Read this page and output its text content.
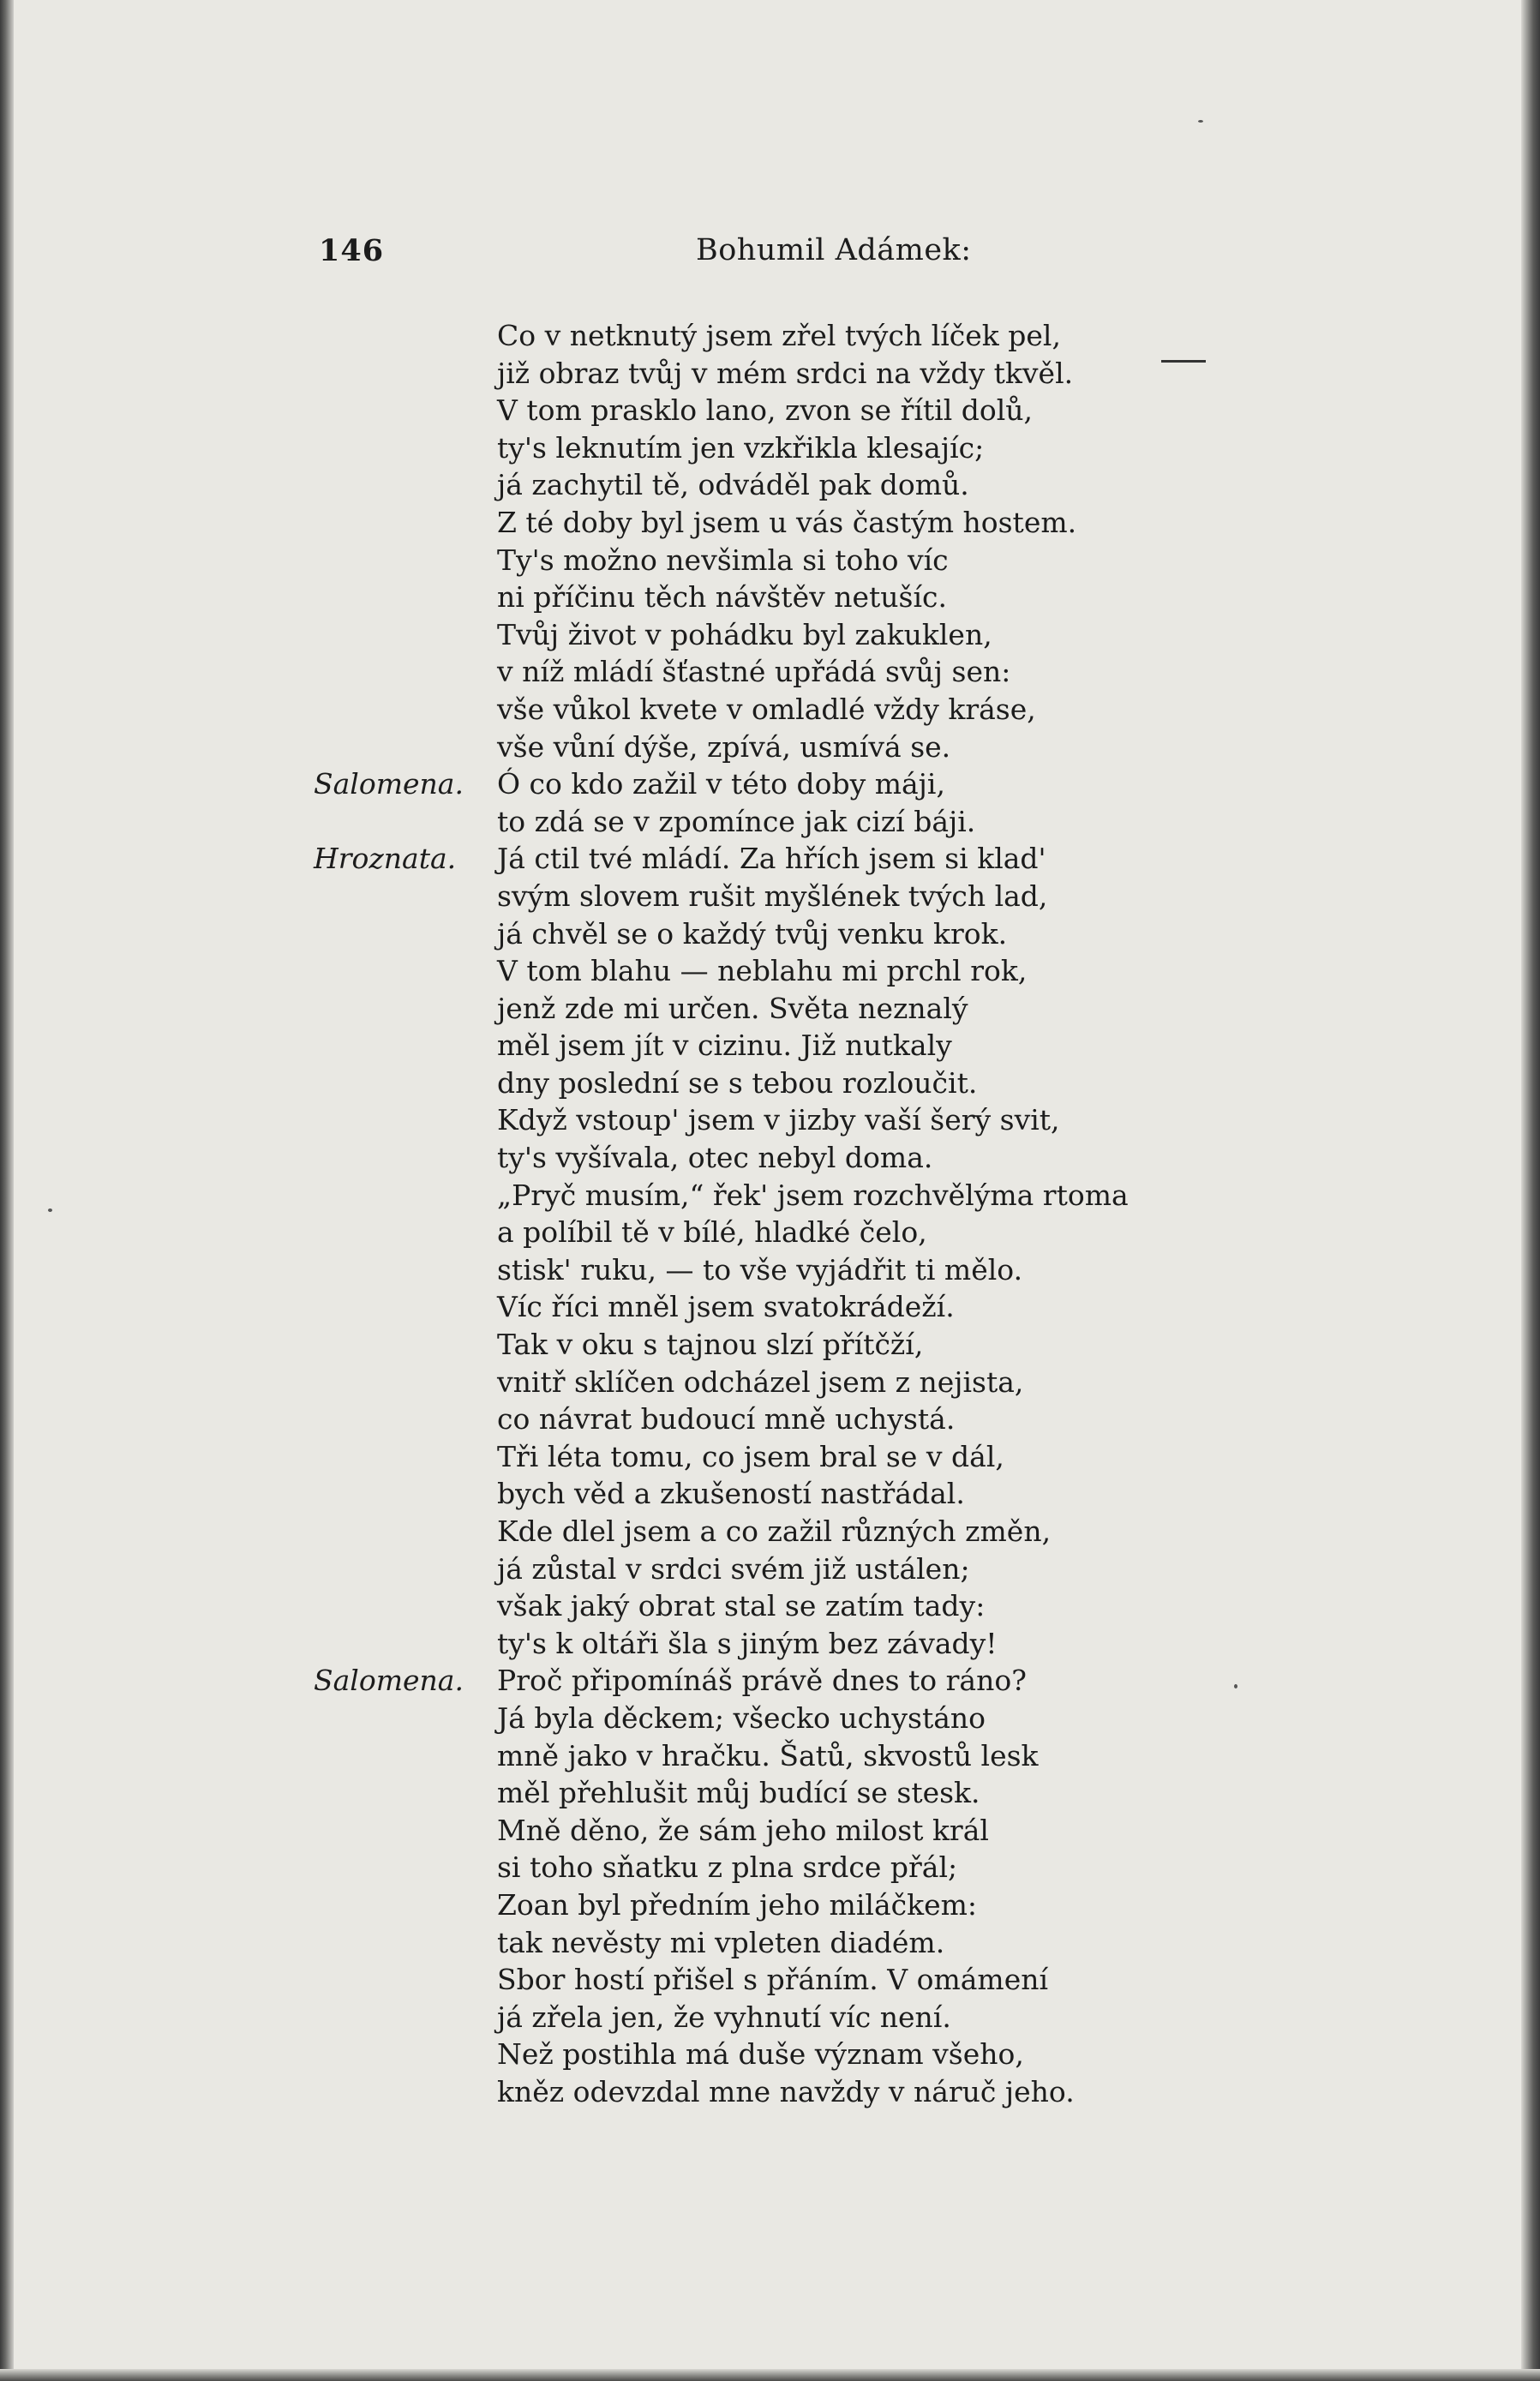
146	Bohumil Adámek:
Co v netknutý jsem zřel tvých líček pel,
již obraz tvůj v mém srdci na vždy tkvěl.
V tom prasklo lano, zvon se řítil dolů,
ty's leknutím jen vzkřikla klesajíc;
já zachytil tě, odváděl pak domů.
Z té doby byl jsem u vás častým hostem.
Ty's možno nevšimla si toho víc
ni příčinu těch návštěv netušíc.
Tvůj život v pohádku byl zakuklen,
v níž mládí šťastné upřádá svůj sen:
vše vůkol kvete v omladlé vždy kráse,
vše vůní dýše, zpívá, usmívá se.
Salomena. Ó co kdo zažil v této doby máji,
to zdá se v zpomínce jak cizí báji.
Hroznata. Já ctil tvé mládí. Za hřích jsem si klad'
svým slovem rušit myšlének tvých lad,
já chvěl se o každý tvůj venku krok.
V tom blahu — neblahu mi prchl rok,
jenž zde mi určen. Světa neznalý
měl jsem jít v cizinu. Již nutkaly
dny poslední se s tebou rozloučit.
Když vstoup' jsem v jizby vaší šerý svit,
ty's vyšívala, otec nebyl doma.
„Pryč musím,“ řek' jsem rozchvělýma rtoma
a políbil tě v bílé, hladké čelo,
stisk' ruku, — to vše vyjádřit ti mělo.
Víc říci mněl jsem svatokrádeží.
Tak v oku s tajnou slzí přítčží,
vnitř sklíčen odcházel jsem z nejista,
co návrat budoucí mně uchystá.
Tři léta tomu, co jsem bral se v dál,
bych věd a zkušeností nastřádal.
Kde dlel jsem a co zažil různých změn,
já zůstal v srdci svém již ustálen;
však jaký obrat stal se zatím tady:
ty's k oltáři šla s jiným bez závady!
Salomena. Proč připomínáš právě dnes to ráno?
Já byla děckem; všecko uchystáno
mně jako v hračku. Šatů, skvostů lesk
měl přehlušit můj budící se stesk.
Mně děno, že sám jeho milost král
si toho sňatku z plna srdce přál;
Zoan byl předním jeho miláčkem:
tak nevěsty mi vpleten diadém.
Sbor hostí přišel s přáním. V omámení
já zřela jen, že vyhnutí víc není.
Než postihla má duše význam všeho,
kněz odevzdal mne navždy v náruč jeho.
